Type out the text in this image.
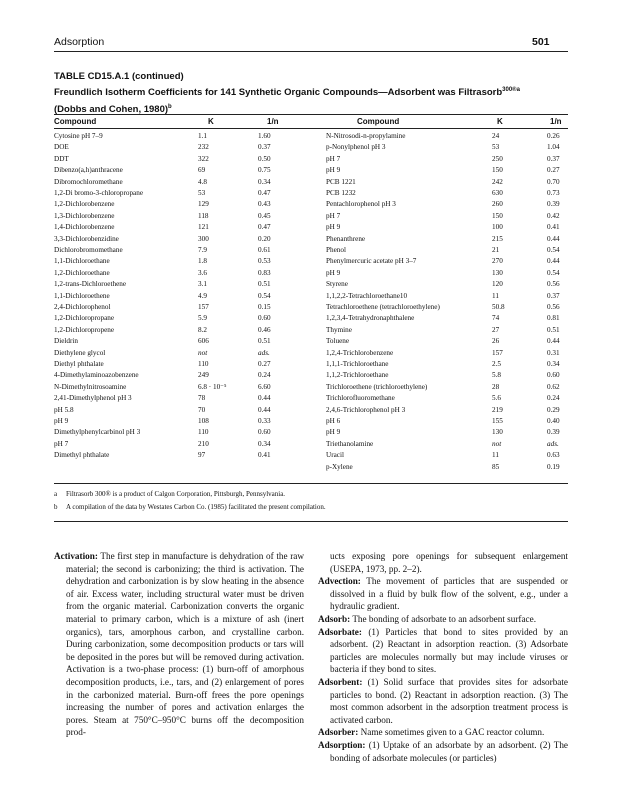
Adsorption	501
TABLE CD15.A.1 (continued)
Freundlich Isotherm Coefficients for 141 Synthetic Organic Compounds—Adsorbent was Filtrasorb$^{300®a}$
(Dobbs and Cohen, 1980)$^b$
Compound	K	1/n	Compound	K	1/n
Cytosine pH 7–9	1.1	1.60
DOE	232	0.37
DDT	322	0.50
Dibenzo(a,h)anthracene	69	0.75
Dibromochloromethane	4.8	0.34
1,2-Di bromo-3-chloropropane	53	0.47
1,2-Dichlorobenzene	129	0.43
1,3-Dichlorobenzene	118	0.45
1,4-Dichlorobenzene	121	0.47
3,3-Dichlorobenzidine	300	0.20
Dichlorobromomethane	7.9	0.61
1,1-Dichloroethane	1.8	0.53
1,2-Dichloroethane	3.6	0.83
1,2-trans-Dichloroethene	3.1	0.51
1,1-Dichloroethene	4.9	0.54
2,4-Dichlorophenol	157	0.15
1,2-Dichloropropane	5.9	0.60
1,2-Dichloropropene	8.2	0.46
Dieldrin	606	0.51
Diethylene glycol	not	ads.
Diethyl phthalate	110	0.27
4-Dimethylaminoazobenzene	249	0.24
N-Dimethylnitrosoamine	6.8 · 10⁻⁵	6.60
2,41-Dimethylphenol pH 3	78	0.44
pH 5.8	70	0.44
pH 9	108	0.33
Dimethylphenylcarbinol pH 3	110	0.60
pH 7	210	0.34
Dimethyl phthalate	97	0.41
N-Nitrosodi-n-propylamine	24	0.26
p-Nonylphenol pH 3	53	1.04
pH 7	250	0.37
pH 9	150	0.27
PCB 1221	242	0.70
PCB 1232	630	0.73
Pentachlorophenol pH 3	260	0.39
pH 7	150	0.42
pH 9	100	0.41
Phenanthrene	215	0.44
Phenol	21	0.54
Phenylmercuric acetate pH 3–7	270	0.44
pH 9	130	0.54
Styrene	120	0.56
1,1,2,2-Tetrachloroethane10	11	0.37
Tetrachloroethene (tetrachloroethylene)	50.8	0.56
1,2,3,4-Tetrahydronaphthalene	74	0.81
Thymine	27	0.51
Toluene	26	0.44
1,2,4-Trichlorobenzene	157	0.31
1,1,1-Trichloroethane	2.5	0.34
1,1,2-Trichloroethane	5.8	0.60
Trichloroethene (trichloroethylene)	28	0.62
Trichlorofluoromethane	5.6	0.24
2,4,6-Trichlorophenol pH 3	219	0.29
pH 6	155	0.40
pH 9	130	0.39
Triethanolamine	not	ads.
Uracil	11	0.63
p-Xylene	85	0.19
a Filtrasorb 300® is a product of Calgon Corporation, Pittsburgh, Pennsylvania.
b A compilation of the data by Westates Carbon Co. (1985) facilitated the present compilation.

Activation: The first step in manufacture is dehydration of the raw material; the second is carbonizing; the third is activation. The dehydration and carbonization is by slow heating in the absence of air. Excess water, including structural water must be driven from the organic material. Carbonization converts the organic material to primary carbon, which is a mixture of ash (inert organics), tars, amorphous carbon, and crystalline carbon. During carbonization, some decomposition products or tars will be deposited in the pores but will be removed during activation. Activation is a two-phase process: (1) burn-off of amorphous decomposition products, i.e., tars, and (2) enlargement of pores in the carbonized material. Burn-off frees the pore openings increasing the number of pores and activation enlarges the pores. Steam at 750°C–950°C burns off the decomposition prod-

ucts exposing pore openings for subsequent enlargement (USEPA, 1973, pp. 2–2).

Advection: The movement of particles that are suspended or dissolved in a fluid by bulk flow of the solvent, e.g., under a hydraulic gradient.

Adsorb: The bonding of adsorbate to an adsorbent surface.

Adsorbate: (1) Particles that bond to sites provided by an adsorbent. (2) Reactant in adsorption reaction. (3) Adsorbate particles are molecules normally but may include viruses or bacteria if they bond to sites.

Adsorbent: (1) Solid surface that provides sites for adsorbate particles to bond. (2) Reactant in adsorption reaction. (3) The most common adsorbent in the adsorption treatment process is activated carbon.

Adsorber: Name sometimes given to a GAC reactor column.

Adsorption: (1) Uptake of an adsorbate by an adsorbent. (2) The bonding of adsorbate molecules (or particles)
